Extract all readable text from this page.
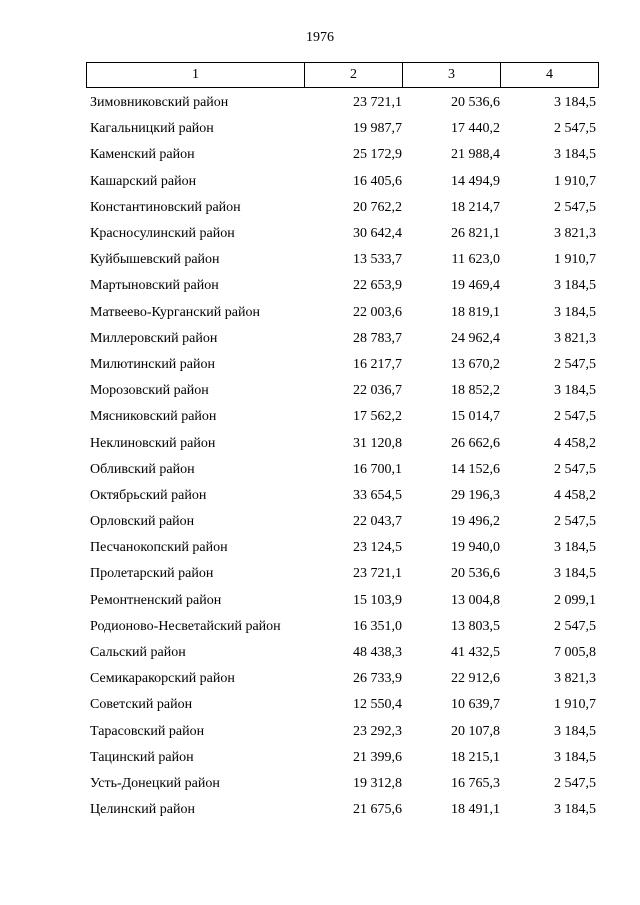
1976
1	2	3	4
Зимовниковский район	23 721,1	20 536,6	3 184,5
Кагальницкий район	19 987,7	17 440,2	2 547,5
Каменский район	25 172,9	21 988,4	3 184,5
Кашарский район	16 405,6	14 494,9	1 910,7
Константиновский район	20 762,2	18 214,7	2 547,5
Красносулинский район	30 642,4	26 821,1	3 821,3
Куйбышевский район	13 533,7	11 623,0	1 910,7
Мартыновский район	22 653,9	19 469,4	3 184,5
Матвеево-Курганский район	22 003,6	18 819,1	3 184,5
Миллеровский район	28 783,7	24 962,4	3 821,3
Милютинский район	16 217,7	13 670,2	2 547,5
Морозовский район	22 036,7	18 852,2	3 184,5
Мясниковский район	17 562,2	15 014,7	2 547,5
Неклиновский район	31 120,8	26 662,6	4 458,2
Обливский район	16 700,1	14 152,6	2 547,5
Октябрьский район	33 654,5	29 196,3	4 458,2
Орловский район	22 043,7	19 496,2	2 547,5
Песчанокопский район	23 124,5	19 940,0	3 184,5
Пролетарский район	23 721,1	20 536,6	3 184,5
Ремонтненский район	15 103,9	13 004,8	2 099,1
Родионово-Несветайский район	16 351,0	13 803,5	2 547,5
Сальский район	48 438,3	41 432,5	7 005,8
Семикаракорский район	26 733,9	22 912,6	3 821,3
Советский район	12 550,4	10 639,7	1 910,7
Тарасовский район	23 292,3	20 107,8	3 184,5
Тацинский район	21 399,6	18 215,1	3 184,5
Усть-Донецкий район	19 312,8	16 765,3	2 547,5
Целинский район	21 675,6	18 491,1	3 184,5
